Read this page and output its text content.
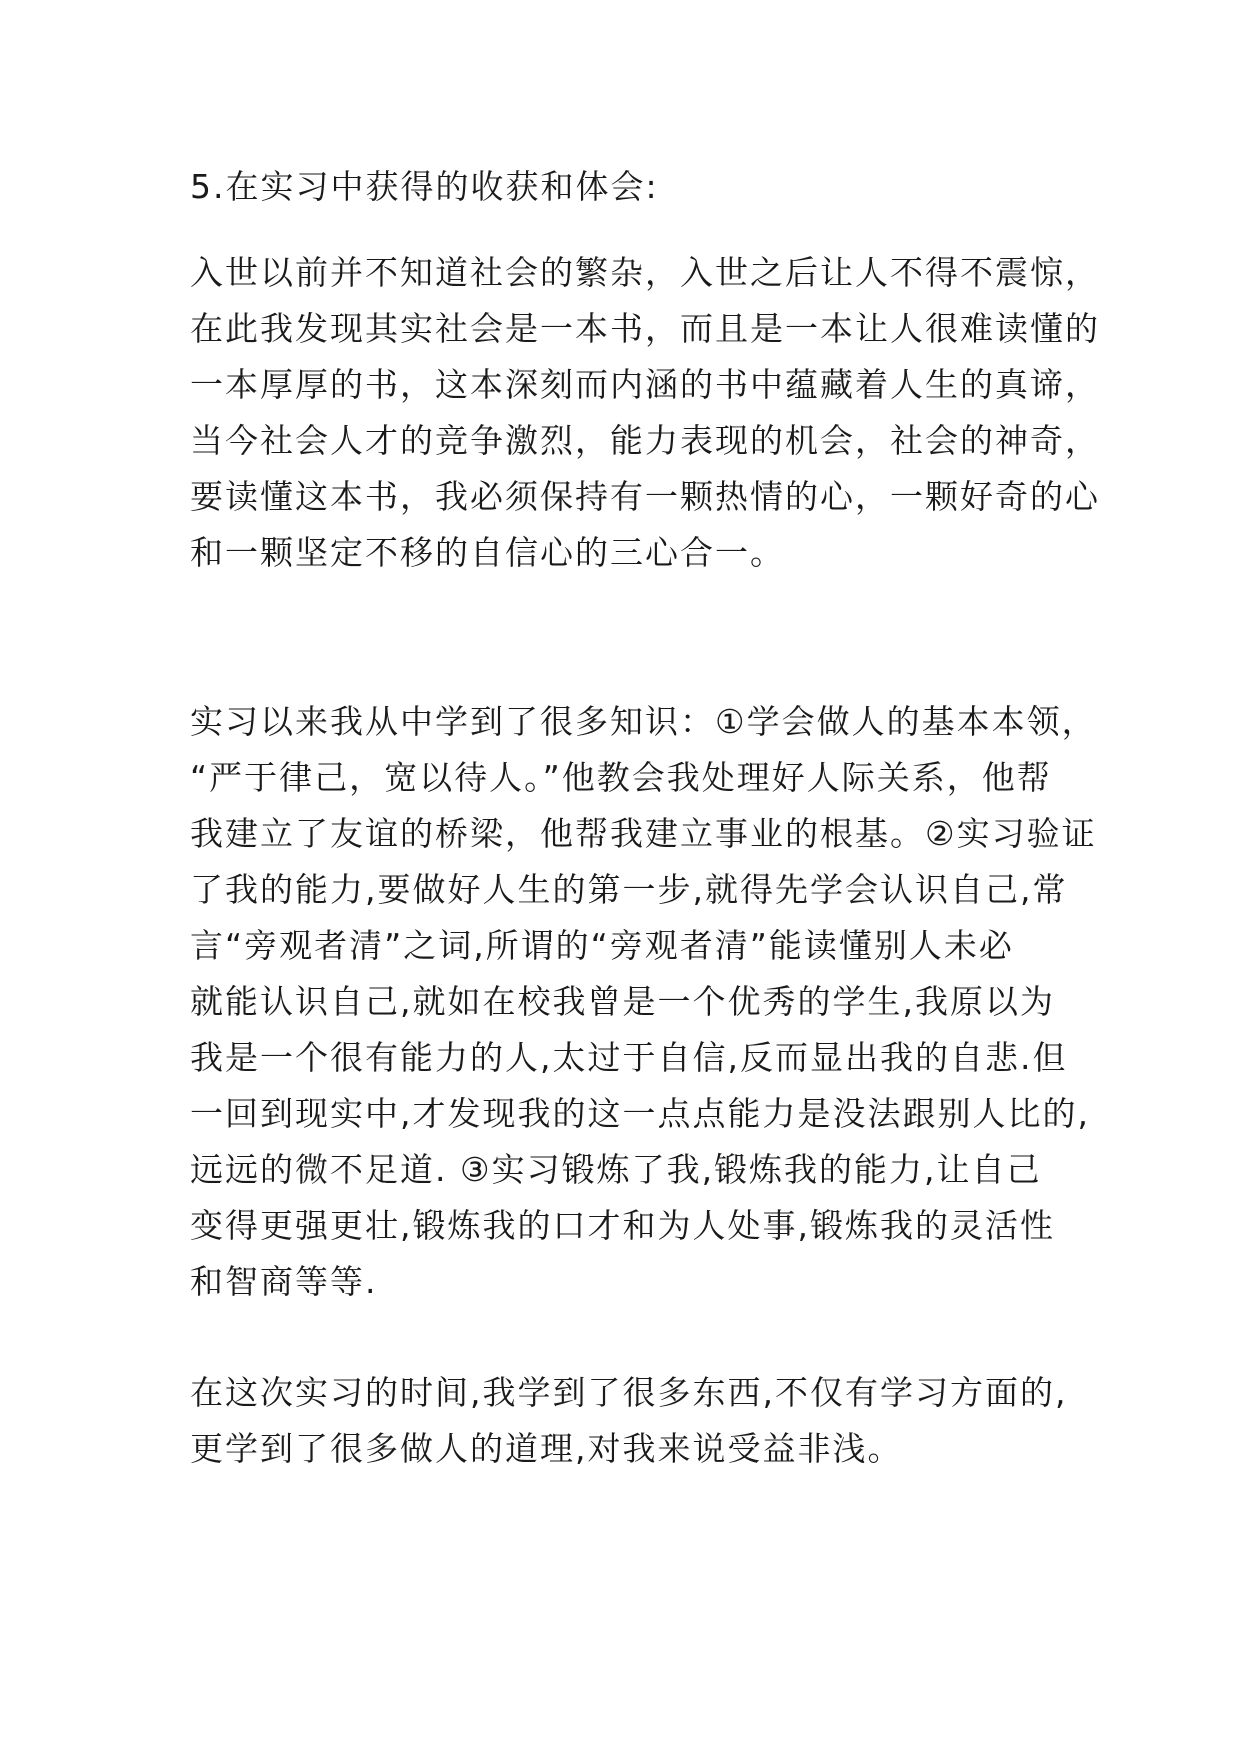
5.在实习中获得的收获和体会:
入世以前并不知道社会的繁杂，入世之后让人不得不震惊，
在此我发现其实社会是一本书，而且是一本让人很难读懂的
一本厚厚的书，这本深刻而内涵的书中蕴藏着人生的真谛，
当今社会人才的竞争激烈，能力表现的机会，社会的神奇，
要读懂这本书，我必须保持有一颗热情的心，一颗好奇的心
和一颗坚定不移的自信心的三心合一。
实习以来我从中学到了很多知识：①学会做人的基本本领，
“严于律己，宽以待人。”他教会我处理好人际关系，他帮
我建立了友谊的桥梁，他帮我建立事业的根基。②实习验证
了我的能力,要做好人生的第一步,就得先学会认识自己,常
言“旁观者清”之词,所谓的“旁观者清”能读懂别人未必
就能认识自己,就如在校我曾是一个优秀的学生,我原以为
我是一个很有能力的人,太过于自信,反而显出我的自悲.但
一回到现实中,才发现我的这一点点能力是没法跟别人比的,
远远的微不足道. ③实习锻炼了我,锻炼我的能力,让自己
变得更强更壮,锻炼我的口才和为人处事,锻炼我的灵活性
和智商等等.
在这次实习的时间,我学到了很多东西,不仅有学习方面的,
更学到了很多做人的道理,对我来说受益非浅。
